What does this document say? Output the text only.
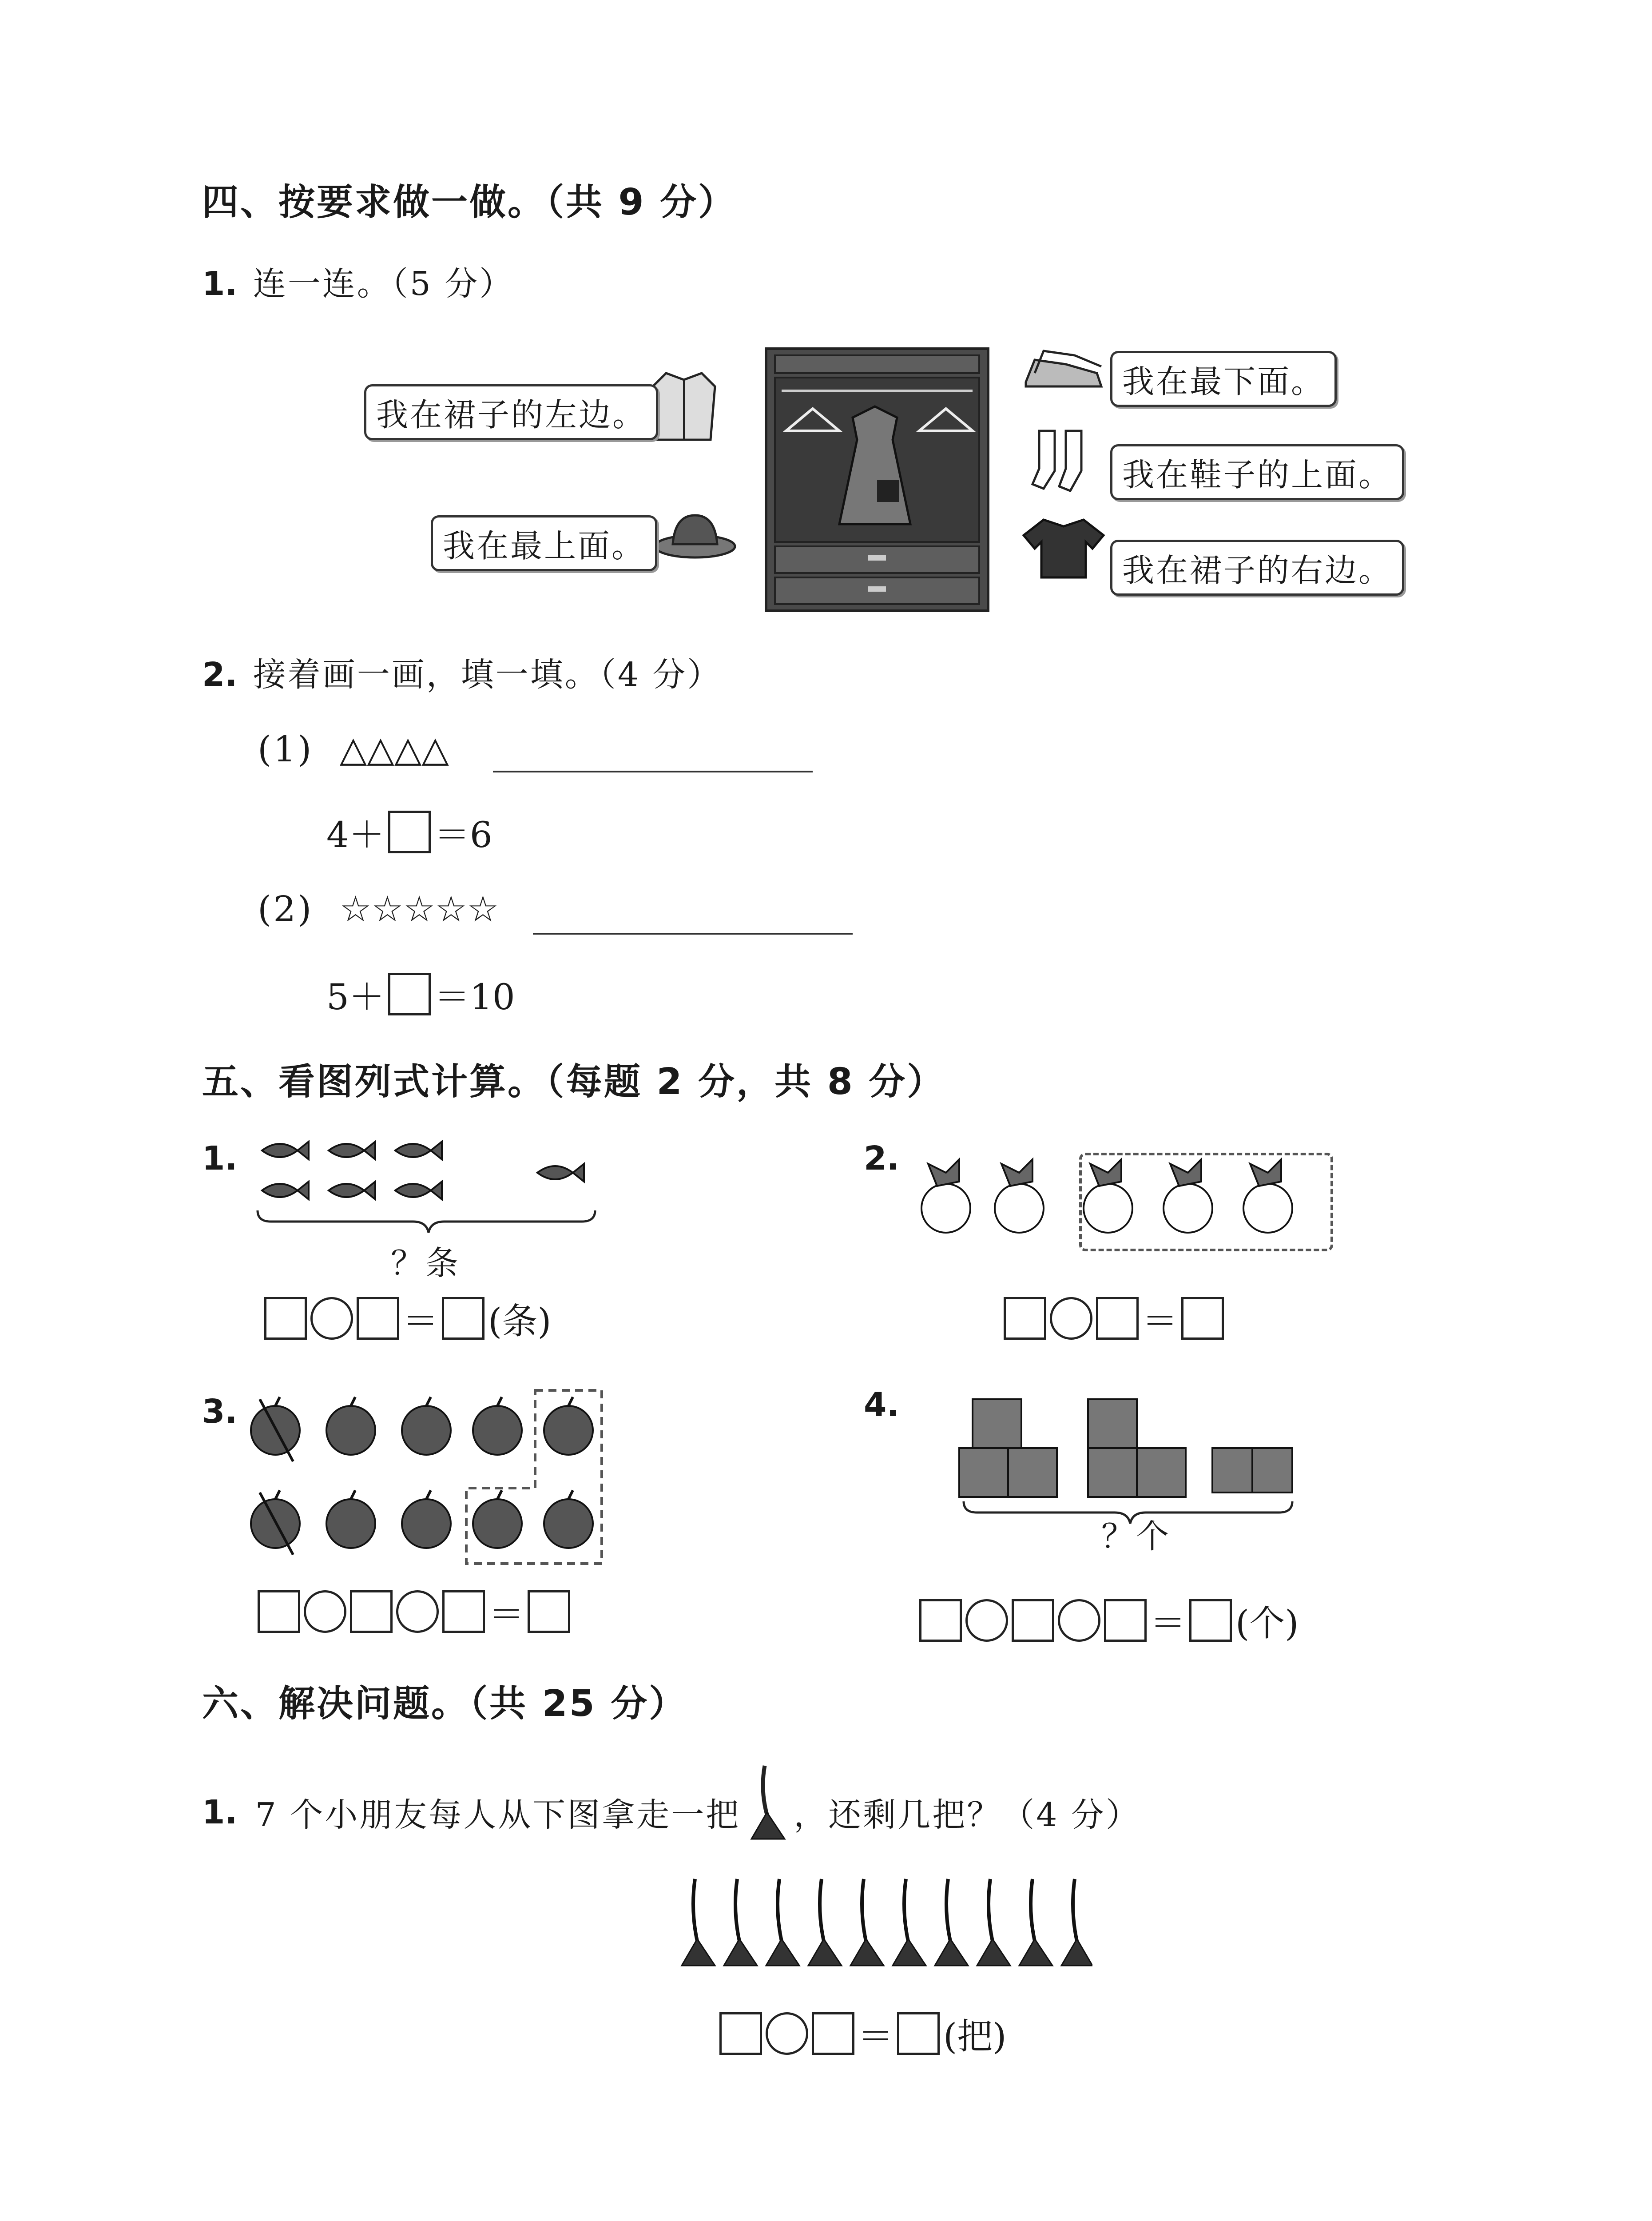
四、按要求做一做。（共 9 分）
1. 连一连。（5 分）
我在裙子的左边。
我在最上面。
我在最下面。
我在鞋子的上面。
我在裙子的右边。
2. 接着画一画，填一填。（4 分）
(1) △△△△
4＋ ＝6
(2) ☆☆☆☆☆
5＋ ＝10
五、看图列式计算。（每题 2 分，共 8 分）
1.
？条
＝ (条)
2.
＝
3.
＝
4.
？个
＝ (个)
六、解决问题。（共 25 分）
1. 7 个小朋友每人从下图拿走一把 ，还剩几把？（4 分）
＝ (把)
